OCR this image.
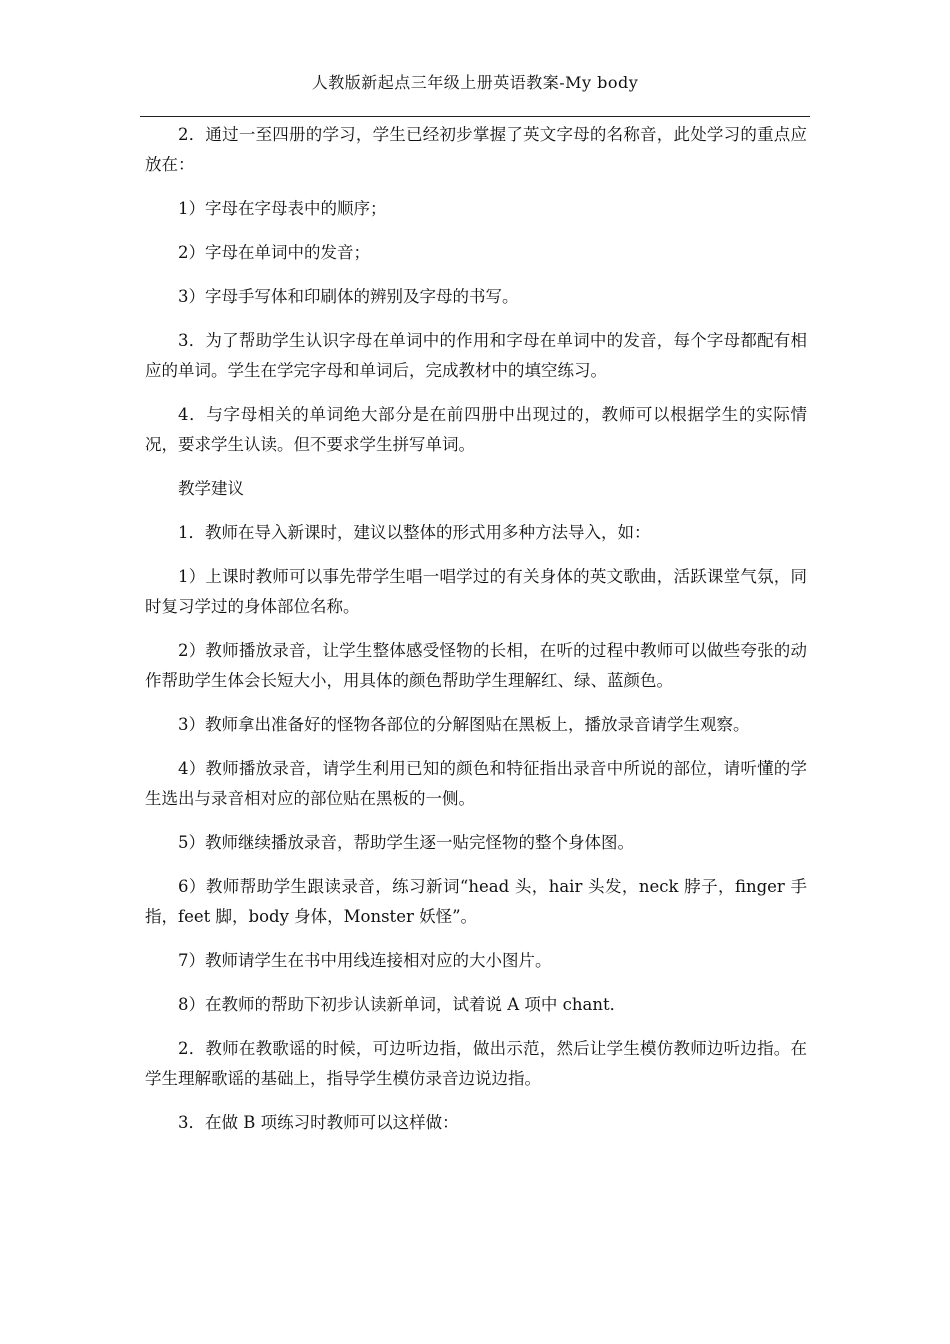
人教版新起点三年级上册英语教案-My body

2．通过一至四册的学习，学生已经初步掌握了英文字母的名称音，此处学习的重点应放在：

1）字母在字母表中的顺序；

2）字母在单词中的发音；

3）字母手写体和印刷体的辨别及字母的书写。

3．为了帮助学生认识字母在单词中的作用和字母在单词中的发音，每个字母都配有相应的单词。学生在学完字母和单词后，完成教材中的填空练习。

4．与字母相关的单词绝大部分是在前四册中出现过的，教师可以根据学生的实际情况，要求学生认读。但不要求学生拼写单词。

教学建议

1．教师在导入新课时，建议以整体的形式用多种方法导入，如：

1）上课时教师可以事先带学生唱一唱学过的有关身体的英文歌曲，活跃课堂气氛，同时复习学过的身体部位名称。

2）教师播放录音，让学生整体感受怪物的长相，在听的过程中教师可以做些夸张的动作帮助学生体会长短大小，用具体的颜色帮助学生理解红、绿、蓝颜色。

3）教师拿出准备好的怪物各部位的分解图贴在黑板上，播放录音请学生观察。

4）教师播放录音，请学生利用已知的颜色和特征指出录音中所说的部位，请听懂的学生选出与录音相对应的部位贴在黑板的一侧。

5）教师继续播放录音，帮助学生逐一贴完怪物的整个身体图。

6）教师帮助学生跟读录音，练习新词“head 头，hair 头发，neck 脖子，finger 手指，feet 脚，body 身体，Monster 妖怪”。

7）教师请学生在书中用线连接相对应的大小图片。

8）在教师的帮助下初步认读新单词，试着说 A 项中 chant．

2．教师在教歌谣的时候，可边听边指，做出示范，然后让学生模仿教师边听边指。在学生理解歌谣的基础上，指导学生模仿录音边说边指。

3．在做 B 项练习时教师可以这样做：
